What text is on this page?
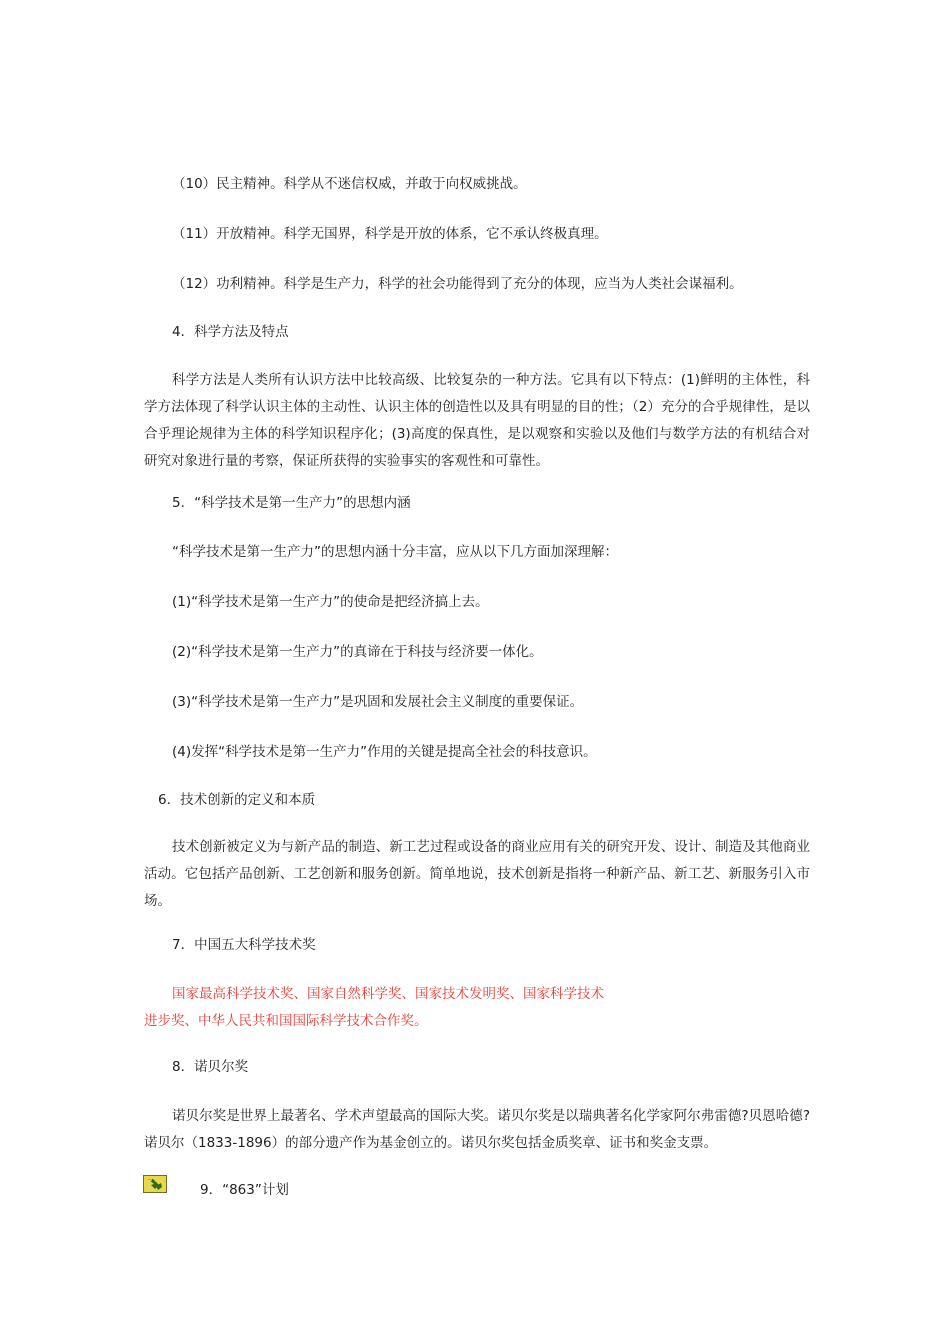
（10）民主精神。科学从不迷信权威，并敢于向权威挑战。

（11）开放精神。科学无国界，科学是开放的体系，它不承认终极真理。

（12）功利精神。科学是生产力，科学的社会功能得到了充分的体现，应当为人类社会谋福利。

4．科学方法及特点

科学方法是人类所有认识方法中比较高级、比较复杂的一种方法。它具有以下特点：(1)鲜明的主体性，科学方法体现了科学认识主体的主动性、认识主体的创造性以及具有明显的目的性；（2）充分的合乎规律性，是以合乎理论规律为主体的科学知识程序化；(3)高度的保真性，是以观察和实验以及他们与数学方法的有机结合对研究对象进行量的考察，保证所获得的实验事实的客观性和可靠性。

5．“科学技术是第一生产力”的思想内涵

“科学技术是第一生产力”的思想内涵十分丰富，应从以下几方面加深理解：

(1)“科学技术是第一生产力”的使命是把经济搞上去。

(2)“科学技术是第一生产力”的真谛在于科技与经济要一体化。

(3)“科学技术是第一生产力”是巩固和发展社会主义制度的重要保证。

(4)发挥“科学技术是第一生产力”作用的关键是提高全社会的科技意识。

6．技术创新的定义和本质

技术创新被定义为与新产品的制造、新工艺过程或设备的商业应用有关的研究开发、设计、制造及其他商业活动。它包括产品创新、工艺创新和服务创新。简单地说，技术创新是指将一种新产品、新工艺、新服务引入市场。

7．中国五大科学技术奖

国家最高科学技术奖、国家自然科学奖、国家技术发明奖、国家科学技术
进步奖、中华人民共和国国际科学技术合作奖。

8．诺贝尔奖

诺贝尔奖是世界上最著名、学术声望最高的国际大奖。诺贝尔奖是以瑞典著名化学家阿尔弗雷德?贝恩哈德?诺贝尔（1833-1896）的部分遗产作为基金创立的。诺贝尔奖包括金质奖章、证书和奖金支票。

9．“863”计划
